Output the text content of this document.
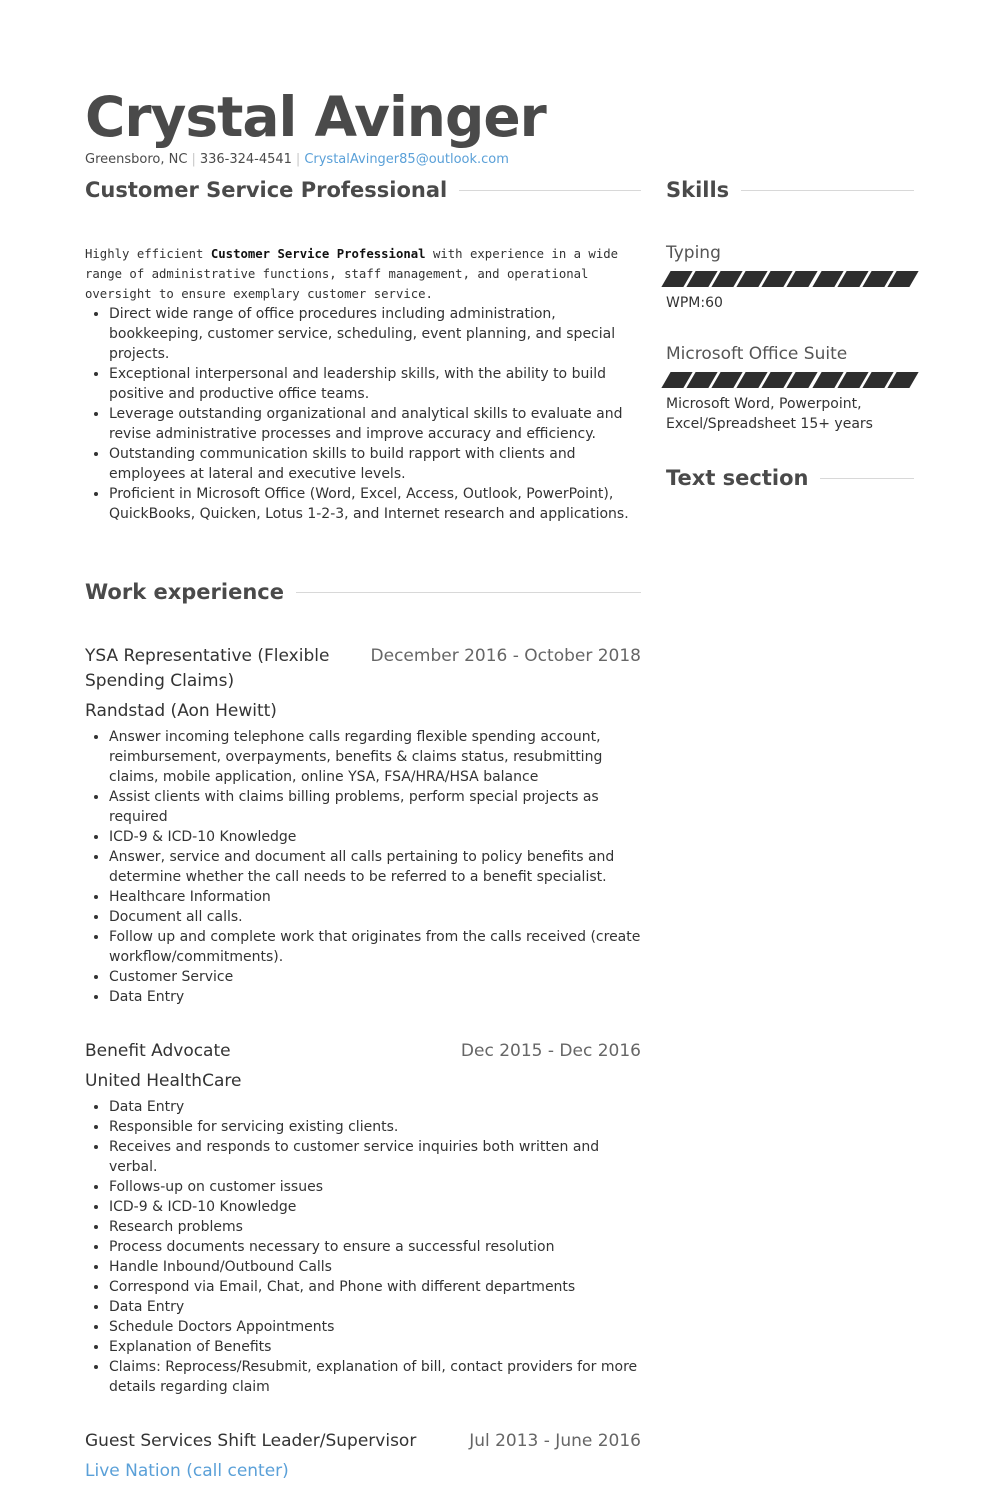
Crystal Avinger
Greensboro, NC | 336-324-4541 | CrystalAvinger85@outlook.com
Customer Service Professional
Highly efficient Customer Service Professional with experience in a wide range of administrative functions, staff management, and operational oversight to ensure exemplary customer service.
• Direct wide range of office procedures including administration, bookkeeping, customer service, scheduling, event planning, and special projects.
• Exceptional interpersonal and leadership skills, with the ability to build positive and productive office teams.
• Leverage outstanding organizational and analytical skills to evaluate and revise administrative processes and improve accuracy and efficiency.
• Outstanding communication skills to build rapport with clients and employees at lateral and executive levels.
• Proficient in Microsoft Office (Word, Excel, Access, Outlook, PowerPoint), QuickBooks, Quicken, Lotus 1-2-3, and Internet research and applications.
Work experience
YSA Representative (Flexible Spending Claims)
December 2016 - October 2018
Randstad (Aon Hewitt)
• Answer incoming telephone calls regarding flexible spending account, reimbursement, overpayments, benefits & claims status, resubmitting claims, mobile application, online YSA, FSA/HRA/HSA balance
• Assist clients with claims billing problems, perform special projects as required
• ICD-9 & ICD-10 Knowledge
• Answer, service and document all calls pertaining to policy benefits and determine whether the call needs to be referred to a benefit specialist.
• Healthcare Information
• Document all calls.
• Follow up and complete work that originates from the calls received (create workflow/commitments).
• Customer Service
• Data Entry
Benefit Advocate	Dec 2015 - Dec 2016
United HealthCare
• Data Entry
• Responsible for servicing existing clients.
• Receives and responds to customer service inquiries both written and verbal.
• Follows-up on customer issues
• ICD-9 & ICD-10 Knowledge
• Research problems
• Process documents necessary to ensure a successful resolution
• Handle Inbound/Outbound Calls
• Correspond via Email, Chat, and Phone with different departments
• Data Entry
• Schedule Doctors Appointments
• Explanation of Benefits
• Claims: Reprocess/Resubmit, explanation of bill, contact providers for more details regarding claim
Guest Services Shift Leader/Supervisor	Jul 2013 - June 2016
Live Nation (call center)
Skills
Typing
WPM:60
Microsoft Office Suite
Microsoft Word, Powerpoint, Excel/Spreadsheet 15+ years
Text section
